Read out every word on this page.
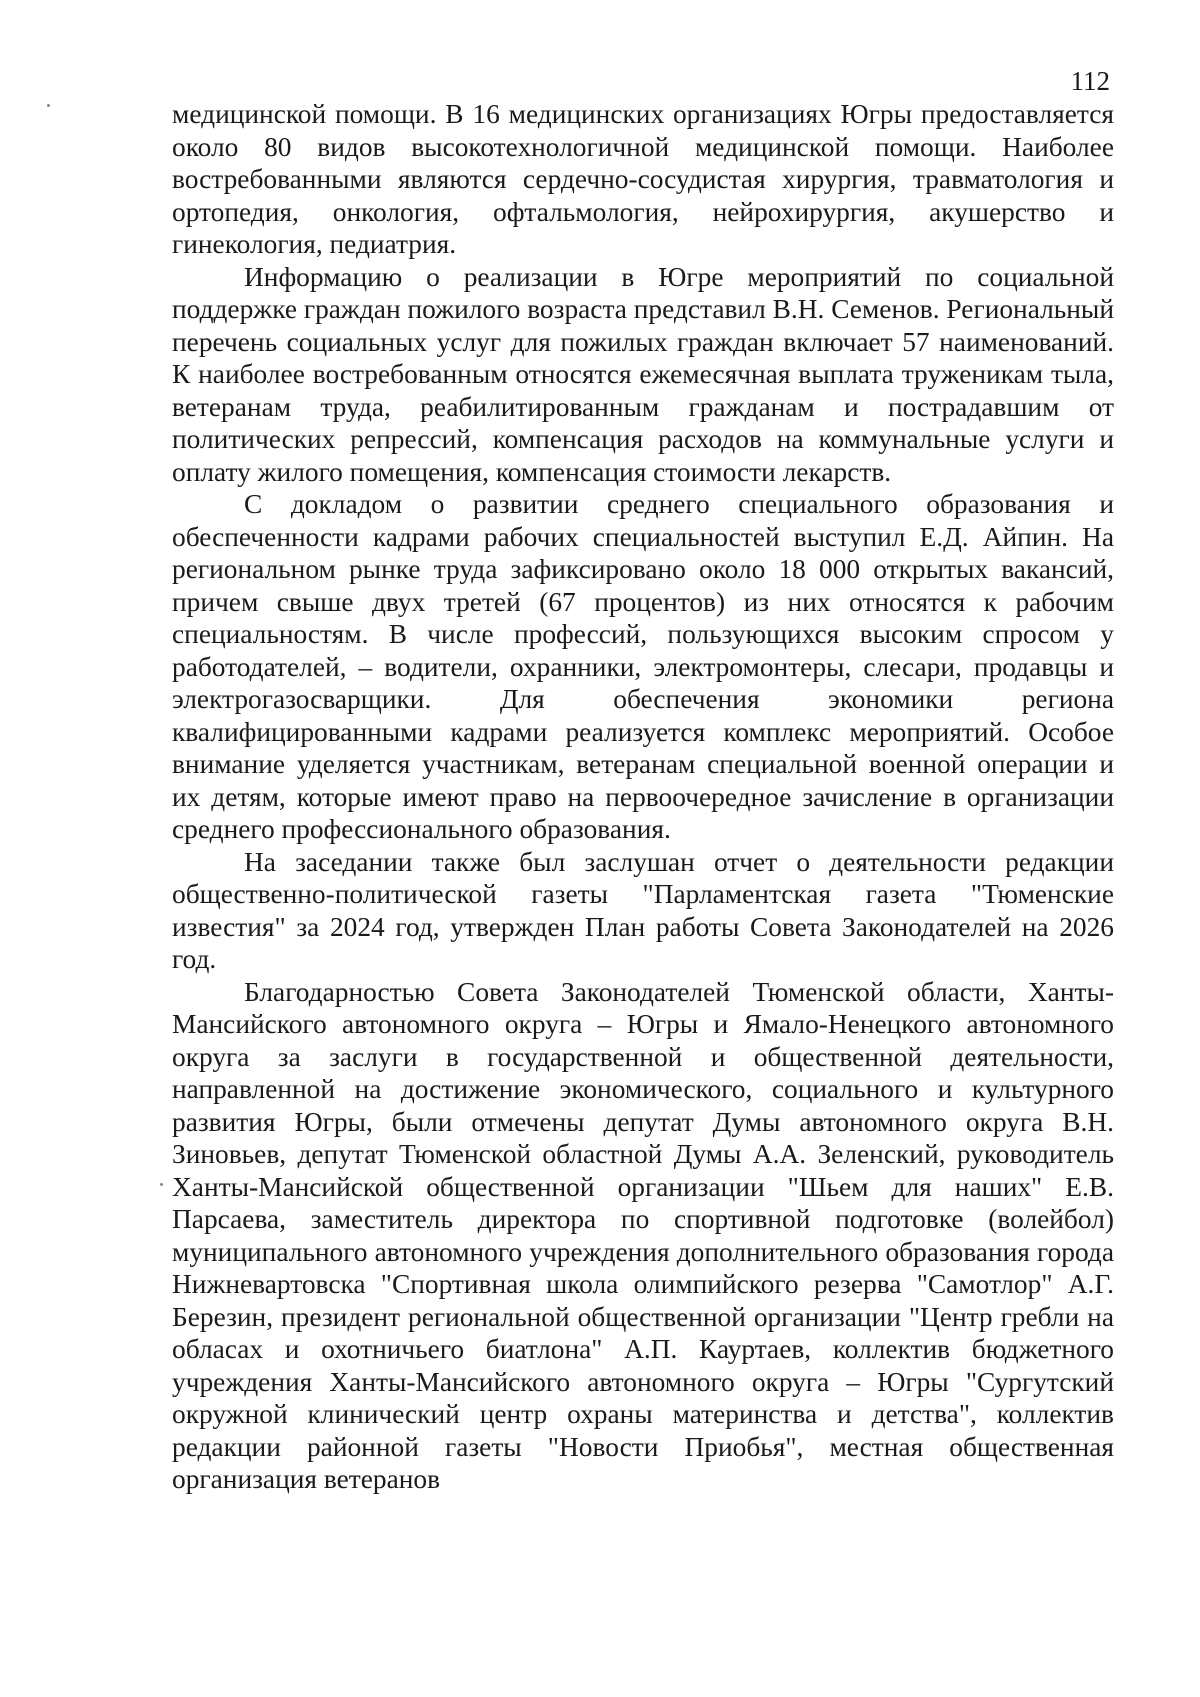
112

медицинской помощи. В 16 медицинских организациях Югры предоставляется около 80 видов высокотехнологичной медицинской помощи. Наиболее востребованными являются сердечно-сосудистая хирургия, травматология и ортопедия, онкология, офтальмология, нейрохирургия, акушерство и гинекология, педиатрия.

Информацию о реализации в Югре мероприятий по социальной поддержке граждан пожилого возраста представил В.Н. Семенов. Региональный перечень социальных услуг для пожилых граждан включает 57 наименований. К наиболее востребованным относятся ежемесячная выплата труженикам тыла, ветеранам труда, реабилитированным гражданам и пострадавшим от политических репрессий, компенсация расходов на коммунальные услуги и оплату жилого помещения, компенсация стоимости лекарств.

С докладом о развитии среднего специального образования и обеспеченности кадрами рабочих специальностей выступил Е.Д. Айпин. На региональном рынке труда зафиксировано около 18 000 открытых вакансий, причем свыше двух третей (67 процентов) из них относятся к рабочим специальностям. В числе профессий, пользующихся высоким спросом у работодателей, – водители, охранники, электромонтеры, слесари, продавцы и электрогазосварщики. Для обеспечения экономики региона квалифицированными кадрами реализуется комплекс мероприятий. Особое внимание уделяется участникам, ветеранам специальной военной операции и их детям, которые имеют право на первоочередное зачисление в организации среднего профессионального образования.

На заседании также был заслушан отчет о деятельности редакции общественно-политической газеты "Парламентская газета "Тюменские известия" за 2024 год, утвержден План работы Совета Законодателей на 2026 год.

Благодарностью Совета Законодателей Тюменской области, Ханты-Мансийского автономного округа – Югры и Ямало-Ненецкого автономного округа за заслуги в государственной и общественной деятельности, направленной на достижение экономического, социального и культурного развития Югры, были отмечены депутат Думы автономного округа В.Н. Зиновьев, депутат Тюменской областной Думы А.А. Зеленский, руководитель Ханты-Мансийской общественной организации "Шьем для наших" Е.В. Парсаева, заместитель директора по спортивной подготовке (волейбол) муниципального автономного учреждения дополнительного образования города Нижневартовска "Спортивная школа олимпийского резерва "Самотлор" А.Г. Березин, президент региональной общественной организации "Центр гребли на обласах и охотничьего биатлона" А.П. Кауртаев, коллектив бюджетного учреждения Ханты-Мансийского автономного округа – Югры "Сургутский окружной клинический центр охраны материнства и детства", коллектив редакции районной газеты "Новости Приобья", местная общественная организация ветеранов
